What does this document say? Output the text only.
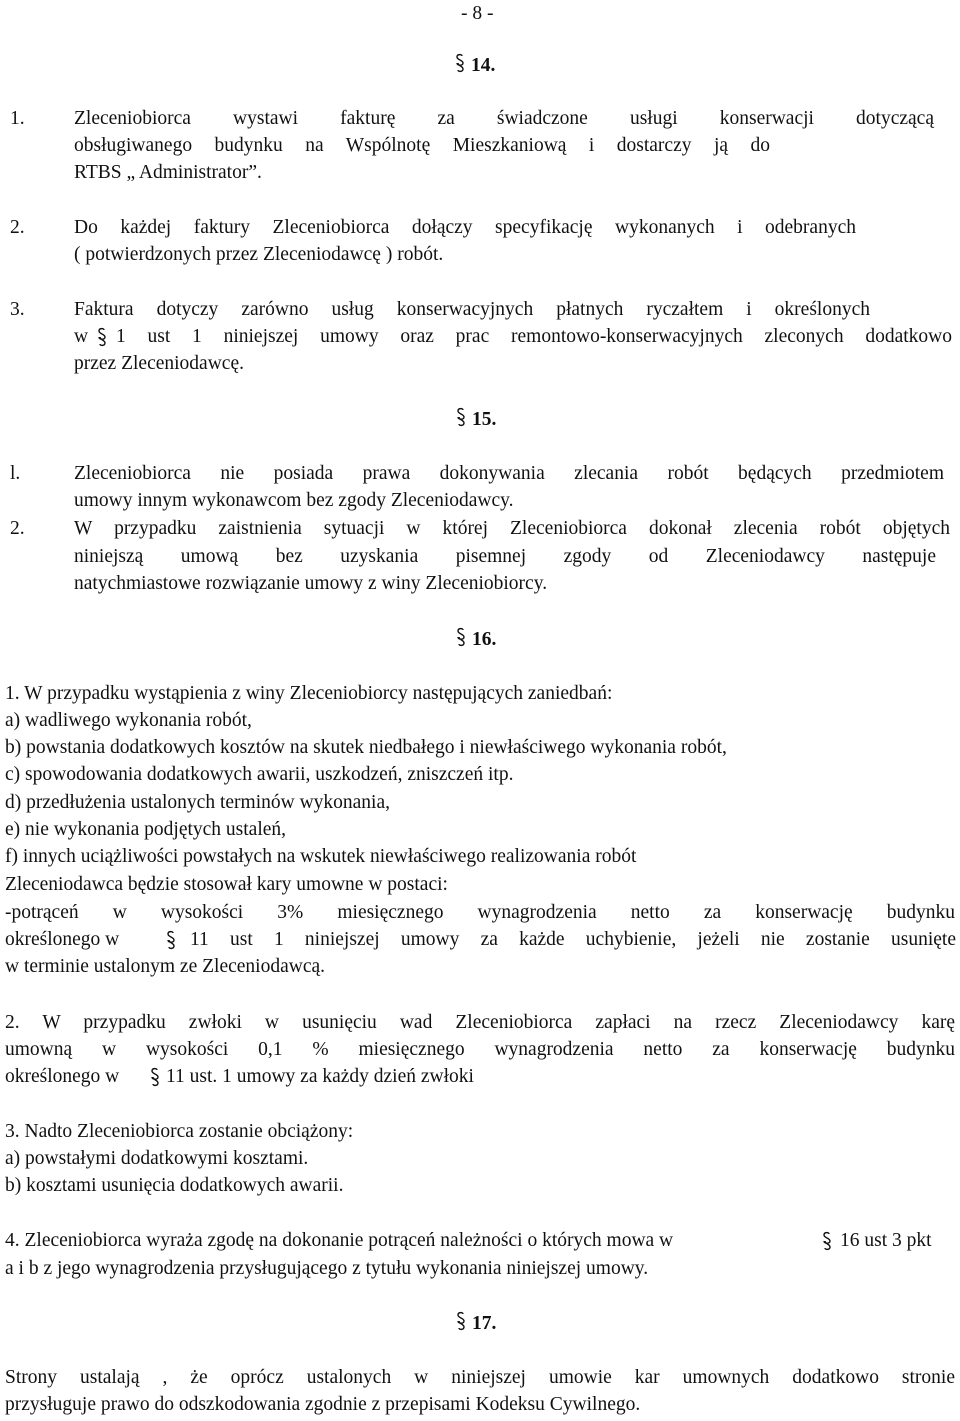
- 8 -
14.
1.	Zleceniobiorca wystawi fakturę za świadczone usługi konserwacji dotyczącą
obsługiwanego budynku na Wspólnotę Mieszkaniową i dostarczy ją do
RTBS „ Administrator”.
2.	Do każdej faktury Zleceniobiorca dołączy specyfikację wykonanych i odebranych
( potwierdzonych przez Zleceniodawcę ) robót.
3.	Faktura dotyczy zarówno usług konserwacyjnych płatnych ryczałtem i określonych
w 1 ust 1 niniejszej umowy oraz prac remontowo-konserwacyjnych zleconych dodatkowo
przez Zleceniodawcę.
15.
l.	Zleceniobiorca nie posiada prawa dokonywania zlecania robót będących przedmiotem
umowy innym wykonawcom bez zgody Zleceniodawcy.
2.	W przypadku zaistnienia sytuacji w której Zleceniobiorca dokonał zlecenia robót objętych
niniejszą umową bez uzyskania pisemnej zgody od Zleceniodawcy następuje
natychmiastowe rozwiązanie umowy z winy Zleceniobiorcy.
16.
1. W przypadku wystąpienia z winy Zleceniobiorcy następujących zaniedbań:
a) wadliwego wykonania robót,
b) powstania dodatkowych kosztów na skutek niedbałego i niewłaściwego wykonania robót,
c) spowodowania dodatkowych awarii, uszkodzeń, zniszczeń itp.
d) przedłużenia ustalonych terminów wykonania,
e) nie wykonania podjętych ustaleń,
f) innych uciążliwości powstałych na wskutek niewłaściwego realizowania robót
Zleceniodawca będzie stosował kary umowne w postaci:
-potrąceń w wysokości 3% miesięcznego wynagrodzenia netto za konserwację budynku
określonego w	11 ust 1 niniejszej umowy za każde uchybienie, jeżeli nie zostanie usunięte
w terminie ustalonym ze Zleceniodawcą.
2. W przypadku zwłoki w usunięciu wad Zleceniobiorca zapłaci na rzecz Zleceniodawcy karę
umowną w wysokości 0,1 % miesięcznego wynagrodzenia netto za konserwację budynku
określonego w 11 ust. 1 umowy za każdy dzień zwłoki
3. Nadto Zleceniobiorca zostanie obciążony:
a) powstałymi dodatkowymi kosztami.
b) kosztami usunięcia dodatkowych awarii.
4. Zleceniobiorca wyraża zgodę na dokonanie potrąceń należności o których mowa w	16 ust 3 pkt
a i b z jego wynagrodzenia przysługującego z tytułu wykonania niniejszej umowy.
17.
Strony ustalają , że oprócz ustalonych w niniejszej umowie kar umownych dodatkowo stronie
przysługuje prawo do odszkodowania zgodnie z przepisami Kodeksu Cywilnego.
